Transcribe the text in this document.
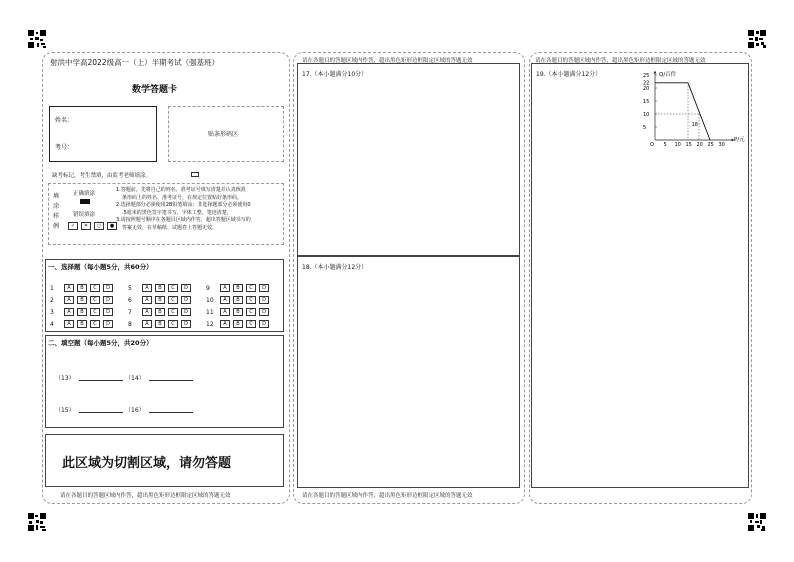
射洪中学高2022级高一（上）半期考试（强基班）
数学答题卡
姓名：
考号：
贴条形码区
缺考标记，考生禁填，由监考老师填涂。
填
涂
样
例
正确填涂
错误填涂
✓ ✕ ○ ●
1.答题前，先将自己的姓名、准考证号填写清楚并认真核准
条形码上的姓名、准考证号，在规定位置贴好条形码。
2.选择题部分必须使用2B铅笔填涂；非选择题部分必须使用0
.5毫米的黑色签字笔书写，字体工整、笔迹清楚。
3.请按照题号顺序在各题目区域内作答，超出答题区域书写的
答案无效，在草稿纸、试题卷上答题无效。
一、选择题（每小题5分，共60分）
1	A	B	C	D
2	A	B	C	D
3	A	B	C	D
4	A	B	C	D
5	A	B	C	D
6	A	B	C	D
7	A	B	C	D
8	A	B	C	D
9	A	B	C	D
10	A	B	C	D
11	A	B	C	D
12	A	B	C	D
二、填空题（每小题5分，共20分）
（13）	（14）
（15）	（16）
此区域为切割区域，请勿答题
请在各题目的答题区域内作答，超出黑色矩形边框限定区域的答题无效
请在各题目的答题区域内作答，超出黑色矩形边框限定区域的答题无效
17.（本小题满分10分）
18.（本小题满分12分）
请在各题目的答题区域内作答，超出黑色矩形边框限定区域的答题无效
请在各题目的答题区域内作答，超出黑色矩形边框限定区域的答题无效
19.（本小题满分12分）	Q/百件
P/元
O
25
22
20
15
10
5
5 10 15 20 25 30
18
